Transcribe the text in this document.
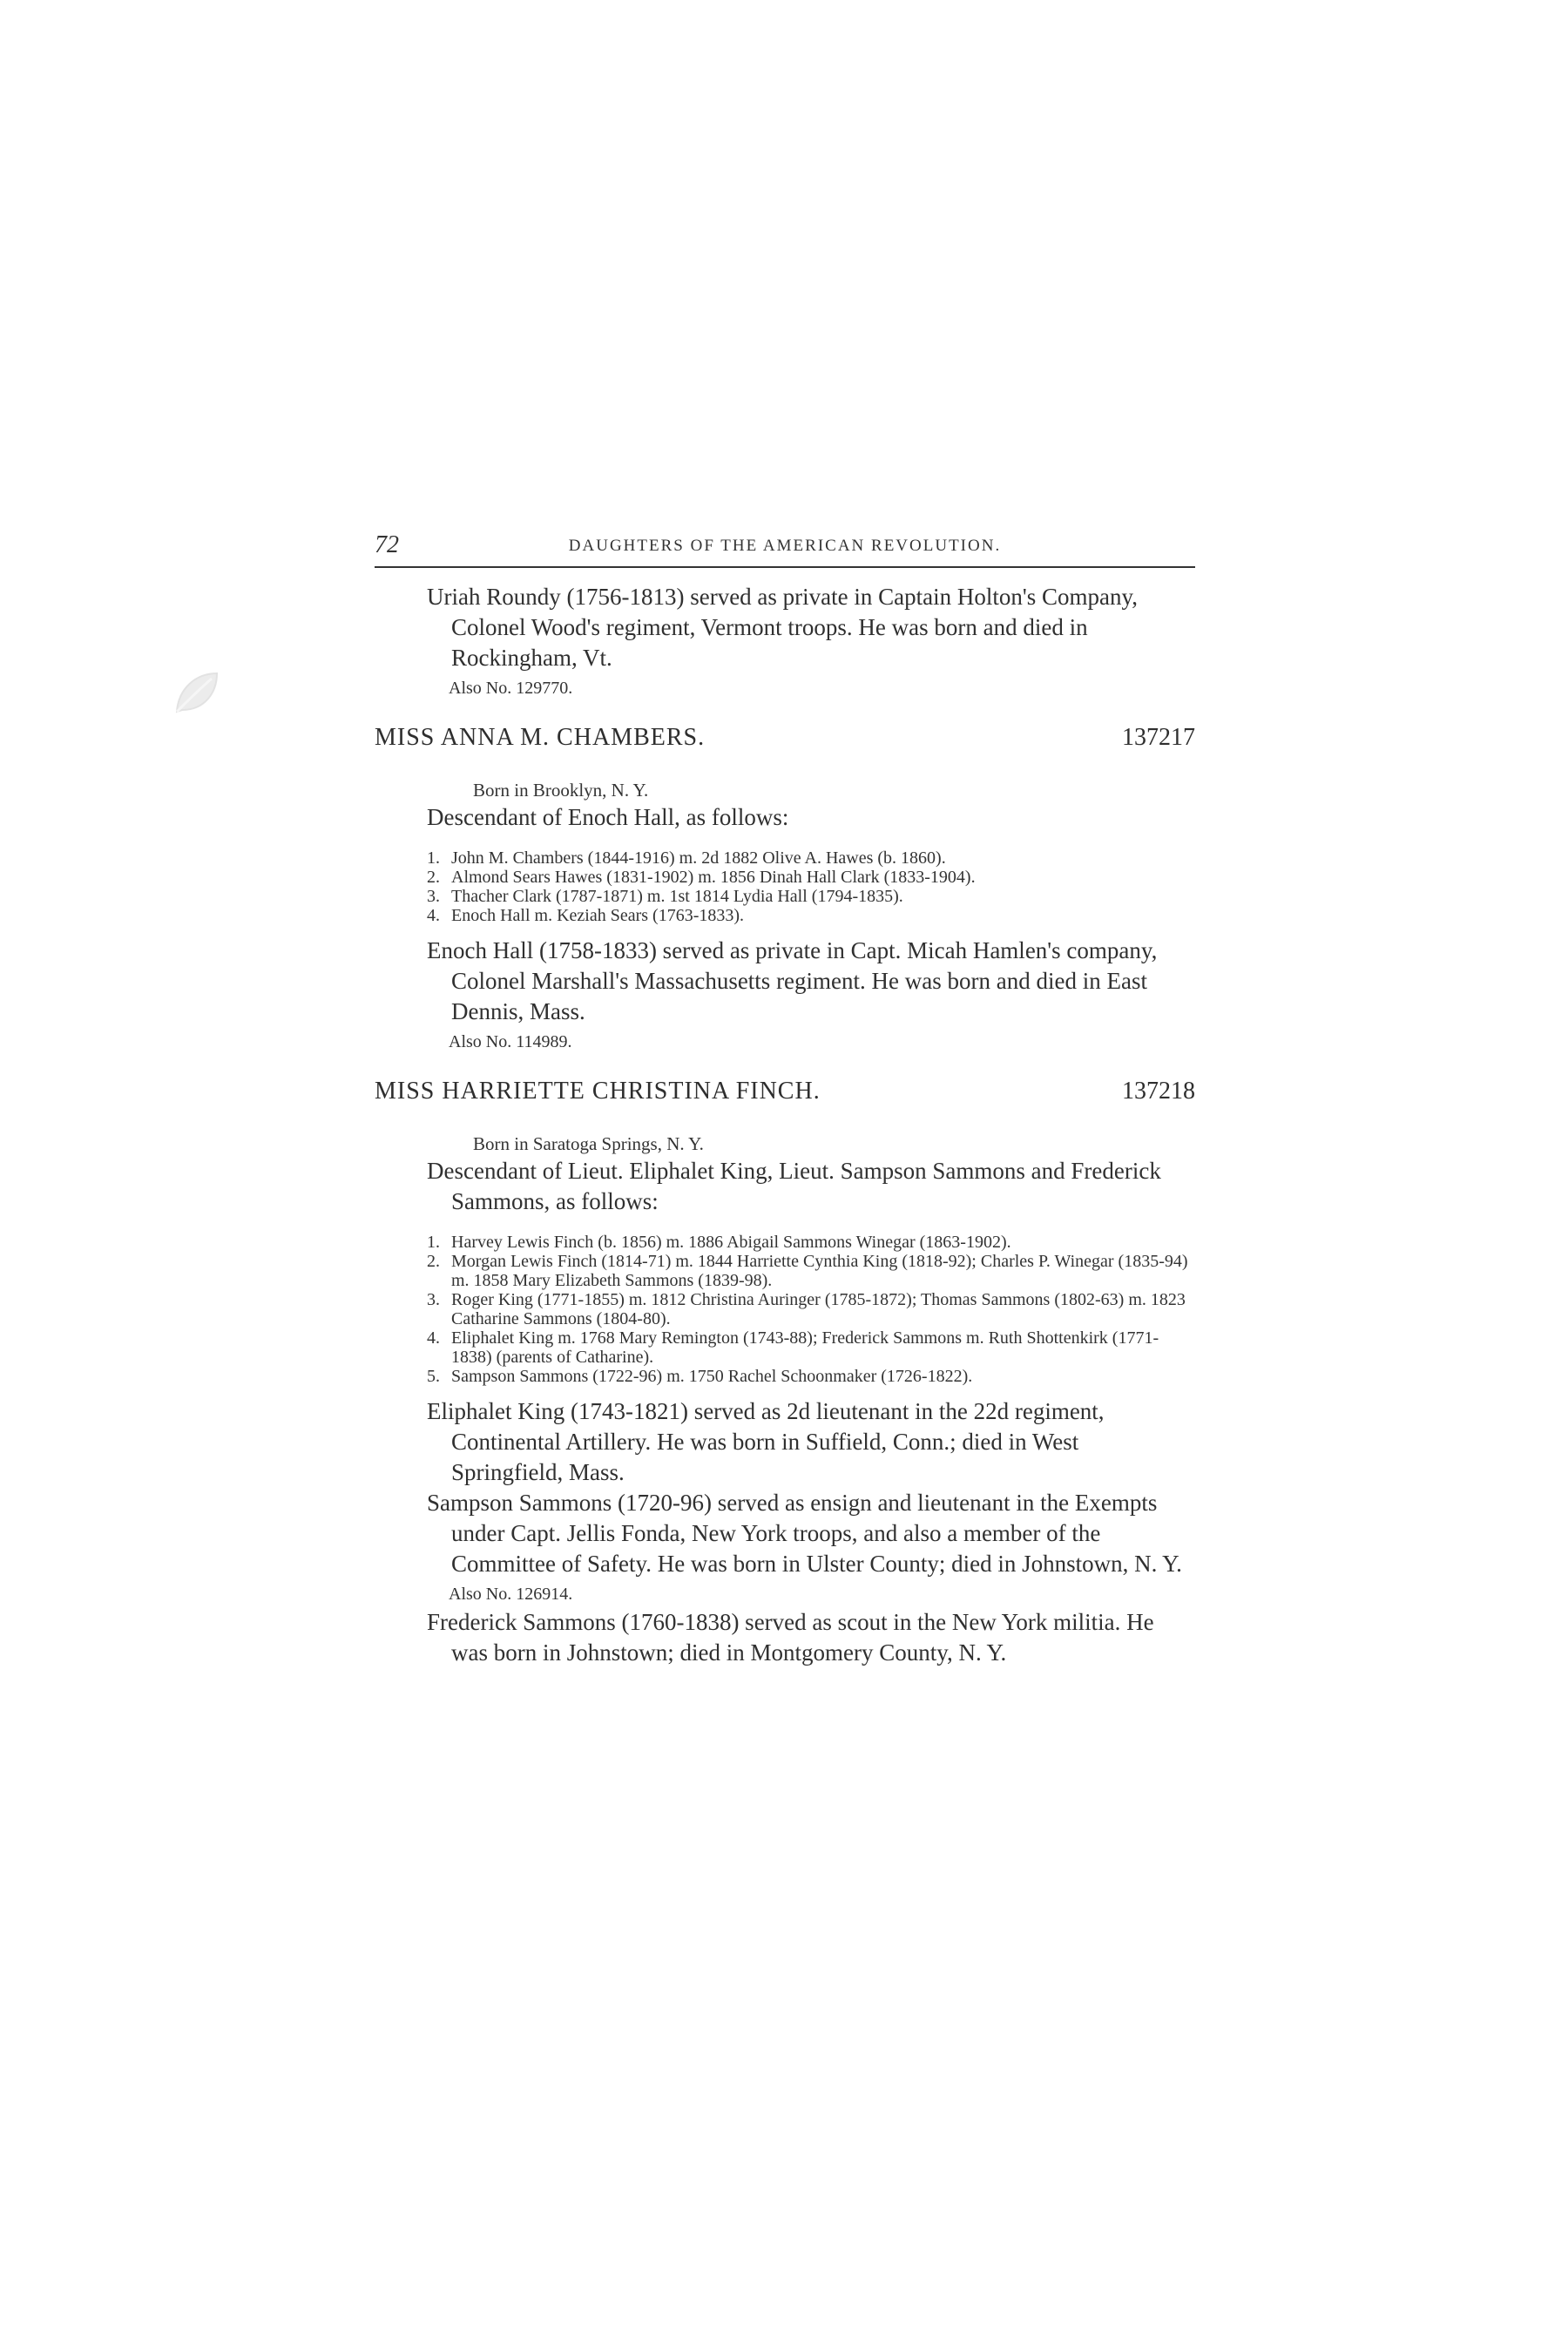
72	DAUGHTERS OF THE AMERICAN REVOLUTION.

Uriah Roundy (1756-1813) served as private in Captain Holton's Company, Colonel Wood's regiment, Vermont troops. He was born and died in Rockingham, Vt.

Also No. 129770.
MISS ANNA M. CHAMBERS.	137217
Born in Brooklyn, N. Y.

Descendant of Enoch Hall, as follows:

1. John M. Chambers (1844-1916) m. 2d 1882 Olive A. Hawes (b. 1860).
2. Almond Sears Hawes (1831-1902) m. 1856 Dinah Hall Clark (1833-1904).
3. Thacher Clark (1787-1871) m. 1st 1814 Lydia Hall (1794-1835).
4. Enoch Hall m. Keziah Sears (1763-1833).

Enoch Hall (1758-1833) served as private in Capt. Micah Hamlen's company, Colonel Marshall's Massachusetts regiment. He was born and died in East Dennis, Mass.

Also No. 114989.
MISS HARRIETTE CHRISTINA FINCH.	137218
Born in Saratoga Springs, N. Y.

Descendant of Lieut. Eliphalet King, Lieut. Sampson Sammons and Frederick Sammons, as follows:

1. Harvey Lewis Finch (b. 1856) m. 1886 Abigail Sammons Winegar (1863-1902).
2. Morgan Lewis Finch (1814-71) m. 1844 Harriette Cynthia King (1818-92); Charles P. Winegar (1835-94) m. 1858 Mary Elizabeth Sammons (1839-98).
3. Roger King (1771-1855) m. 1812 Christina Auringer (1785-1872); Thomas Sammons (1802-63) m. 1823 Catharine Sammons (1804-80).
4. Eliphalet King m. 1768 Mary Remington (1743-88); Frederick Sammons m. Ruth Shottenkirk (1771-1838) (parents of Catharine).
5. Sampson Sammons (1722-96) m. 1750 Rachel Schoonmaker (1726-1822).

Eliphalet King (1743-1821) served as 2d lieutenant in the 22d regiment, Continental Artillery. He was born in Suffield, Conn.; died in West Springfield, Mass.

Sampson Sammons (1720-96) served as ensign and lieutenant in the Exempts under Capt. Jellis Fonda, New York troops, and also a member of the Committee of Safety. He was born in Ulster County; died in Johnstown, N. Y.

Also No. 126914.

Frederick Sammons (1760-1838) served as scout in the New York militia. He was born in Johnstown; died in Montgomery County, N. Y.
